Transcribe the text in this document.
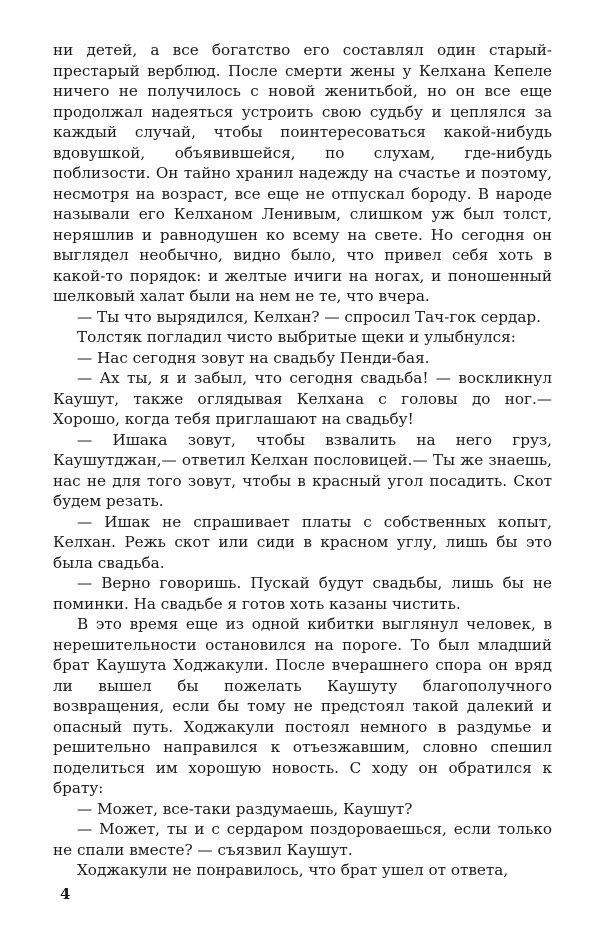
ни детей, а все богатство его составлял один старый-престарый верблюд. После смерти жены у Келхана Кепеле ничего не получилось с новой женитьбой, но он все еще продолжал надеяться устроить свою судьбу и цеплялся за каждый случай, чтобы поинтересоваться какой-нибудь вдовушкой, объявившейся, по слухам, где-нибудь поблизости. Он тайно хранил надежду на счастье и поэтому, несмотря на возраст, все еще не отпускал бороду. В народе называли его Келханом Ленивым, слишком уж был толст, неряшлив и равнодушен ко всему на свете. Но сегодня он выглядел необычно, видно было, что привел себя хоть в какой-то порядок: и желтые ичиги на ногах, и поношенный шелковый халат были на нем не те, что вчера.

— Ты что вырядился, Келхан? — спросил Тач-гок сердар.

Толстяк погладил чисто выбритые щеки и улыбнулся:

— Нас сегодня зовут на свадьбу Пенди-бая.

— Ах ты, я и забыл, что сегодня свадьба! — воскликнул Каушут, также оглядывая Келхана с головы до ног.— Хорошо, когда тебя приглашают на свадьбу!

— Ишака зовут, чтобы взвалить на него груз, Каушутджан,— ответил Келхан пословицей.— Ты же знаешь, нас не для того зовут, чтобы в красный угол посадить. Скот будем резать.

— Ишак не спрашивает платы с собственных копыт, Келхан. Режь скот или сиди в красном углу, лишь бы это была свадьба.

— Верно говоришь. Пускай будут свадьбы, лишь бы не поминки. На свадьбе я готов хоть казаны чистить.

В это время еще из одной кибитки выглянул человек, в нерешительности остановился на пороге. То был младший брат Каушута Ходжакули. После вчерашнего спора он вряд ли вышел бы пожелать Каушуту благополучного возвращения, если бы тому не предстоял такой далекий и опасный путь. Ходжакули постоял немного в раздумье и решительно направился к отъезжавшим, словно спешил поделиться им хорошую новость. С ходу он обратился к брату:

— Может, все-таки раздумаешь, Каушут?

— Может, ты и с сердаром поздороваешься, если только не спали вместе? — съязвил Каушут.

Ходжакули не понравилось, что брат ушел от ответа,

4
